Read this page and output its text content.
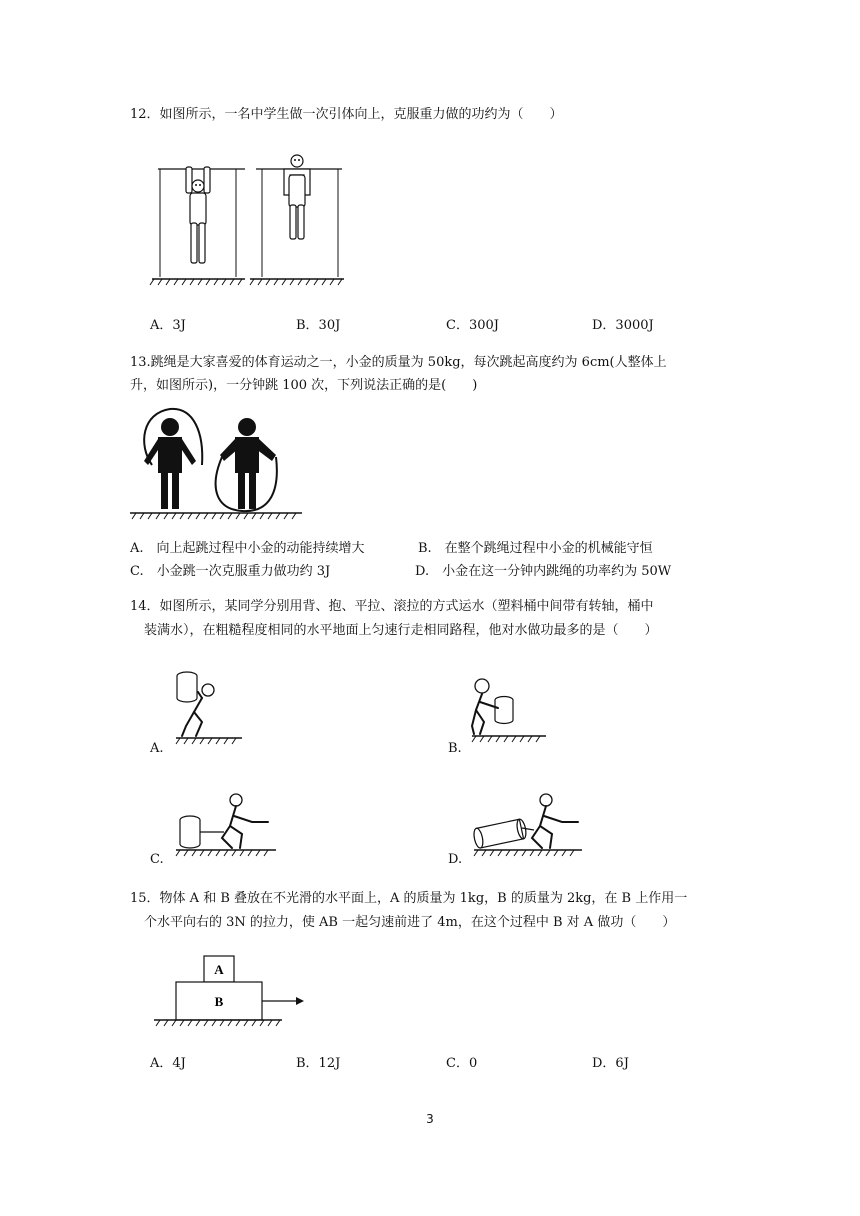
12．如图所示，一名中学生做一次引体向上，克服重力做的功约为（　　）
A．3J	B．30J	C．300J	D．3000J
13.跳绳是大家喜爱的体育运动之一，小金的质量为 50kg，每次跳起高度约为 6cm(人整体上
升，如图所示)，一分钟跳 100 次，下列说法正确的是(　　)
A.　向上起跳过程中小金的动能持续增大	B.　在整个跳绳过程中小金的机械能守恒
C.　小金跳一次克服重力做功约 3J	D.　小金在这一分钟内跳绳的功率约为 50W
14．如图所示，某同学分别用背、抱、平拉、滚拉的方式运水（塑料桶中间带有转轴，桶中
装满水），在粗糙程度相同的水平地面上匀速行走相同路程，他对水做功最多的是（　　）
A.	B.
C.	D.
15．物体 A 和 B 叠放在不光滑的水平面上，A 的质量为 1kg，B 的质量为 2kg，在 B 上作用一
个水平向右的 3N 的拉力，使 AB 一起匀速前进了 4m，在这个过程中 B 对 A 做功（　　）
A
B
A．4J	B．12J	C．0	D．6J
3
